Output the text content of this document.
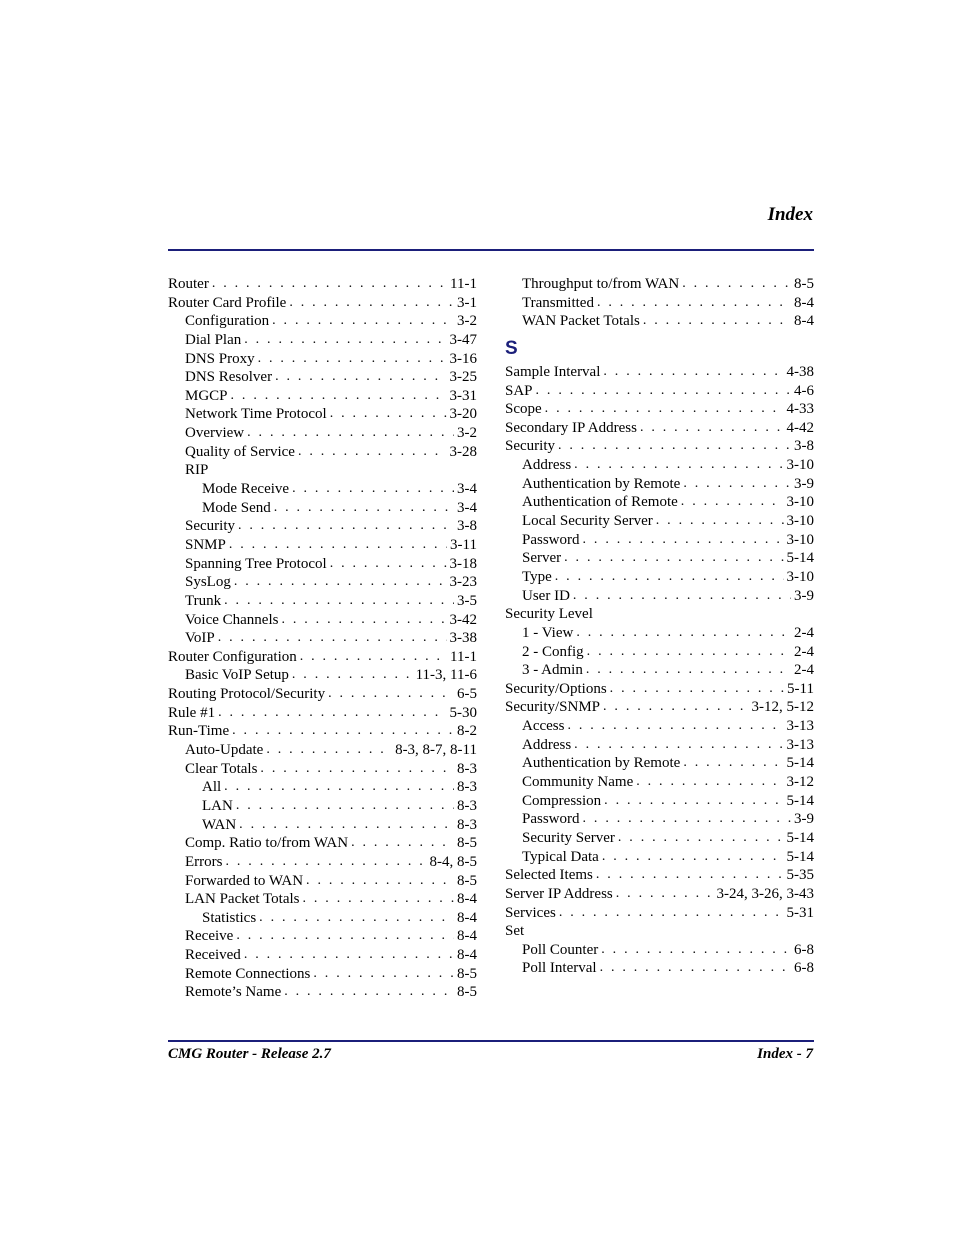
Index
Router . . .	11-1
Router Card Profile . . .	3-1
Configuration . . .	3-2
Dial Plan . . .	3-47
DNS Proxy . . .	3-16
DNS Resolver . . .	3-25
MGCP . . .	3-31
Network Time Protocol . . .	3-20
Overview . . .	3-2
Quality of Service . . .	3-28
RIP
Mode Receive . . .	3-4
Mode Send . . .	3-4
Security . . .	3-8
SNMP . . .	3-11
Spanning Tree Protocol . . .	3-18
SysLog . . .	3-23
Trunk . . .	3-5
Voice Channels . . .	3-42
VoIP . . .	3-38
Router Configuration . . .	11-1
Basic VoIP Setup . . .	11-3, 11-6
Routing Protocol/Security . . .	6-5
Rule #1 . . .	5-30
Run-Time . . .	8-2
Auto-Update . . .	8-3, 8-7, 8-11
Clear Totals . . .	8-3
All . . .	8-3
LAN . . .	8-3
WAN . . .	8-3
Comp. Ratio to/from WAN . . .	8-5
Errors . . .	8-4, 8-5
Forwarded to WAN . . .	8-5
LAN Packet Totals . . .	8-4
Statistics . . .	8-4
Receive . . .	8-4
Received . . .	8-4
Remote Connections . . .	8-5
Remote’s Name . . .	8-5
Throughput to/from WAN . . .	8-5
Transmitted . . .	8-4
WAN Packet Totals . . .	8-4
S
Sample Interval . . .	4-38
SAP . . .	4-6
Scope . . .	4-33
Secondary IP Address . . .	4-42
Security . . .	3-8
Address . . .	3-10
Authentication by Remote . . .	3-9
Authentication of Remote . . .	3-10
Local Security Server . . .	3-10
Password . . .	3-10
Server . . .	5-14
Type . . .	3-10
User ID . . .	3-9
Security Level
1 - View . . .	2-4
2 - Config . . .	2-4
3 - Admin . . .	2-4
Security/Options . . .	5-11
Security/SNMP . . .	3-12, 5-12
Access . . .	3-13
Address . . .	3-13
Authentication by Remote . . .	5-14
Community Name . . .	3-12
Compression . . .	5-14
Password . . .	3-9
Security Server . . .	5-14
Typical Data . . .	5-14
Selected Items . . .	5-35
Server IP Address . . .	3-24, 3-26, 3-43
Services . . .	5-31
Set
Poll Counter . . .	6-8
Poll Interval . . .	6-8
CMG Router - Release 2.7	Index - 7
